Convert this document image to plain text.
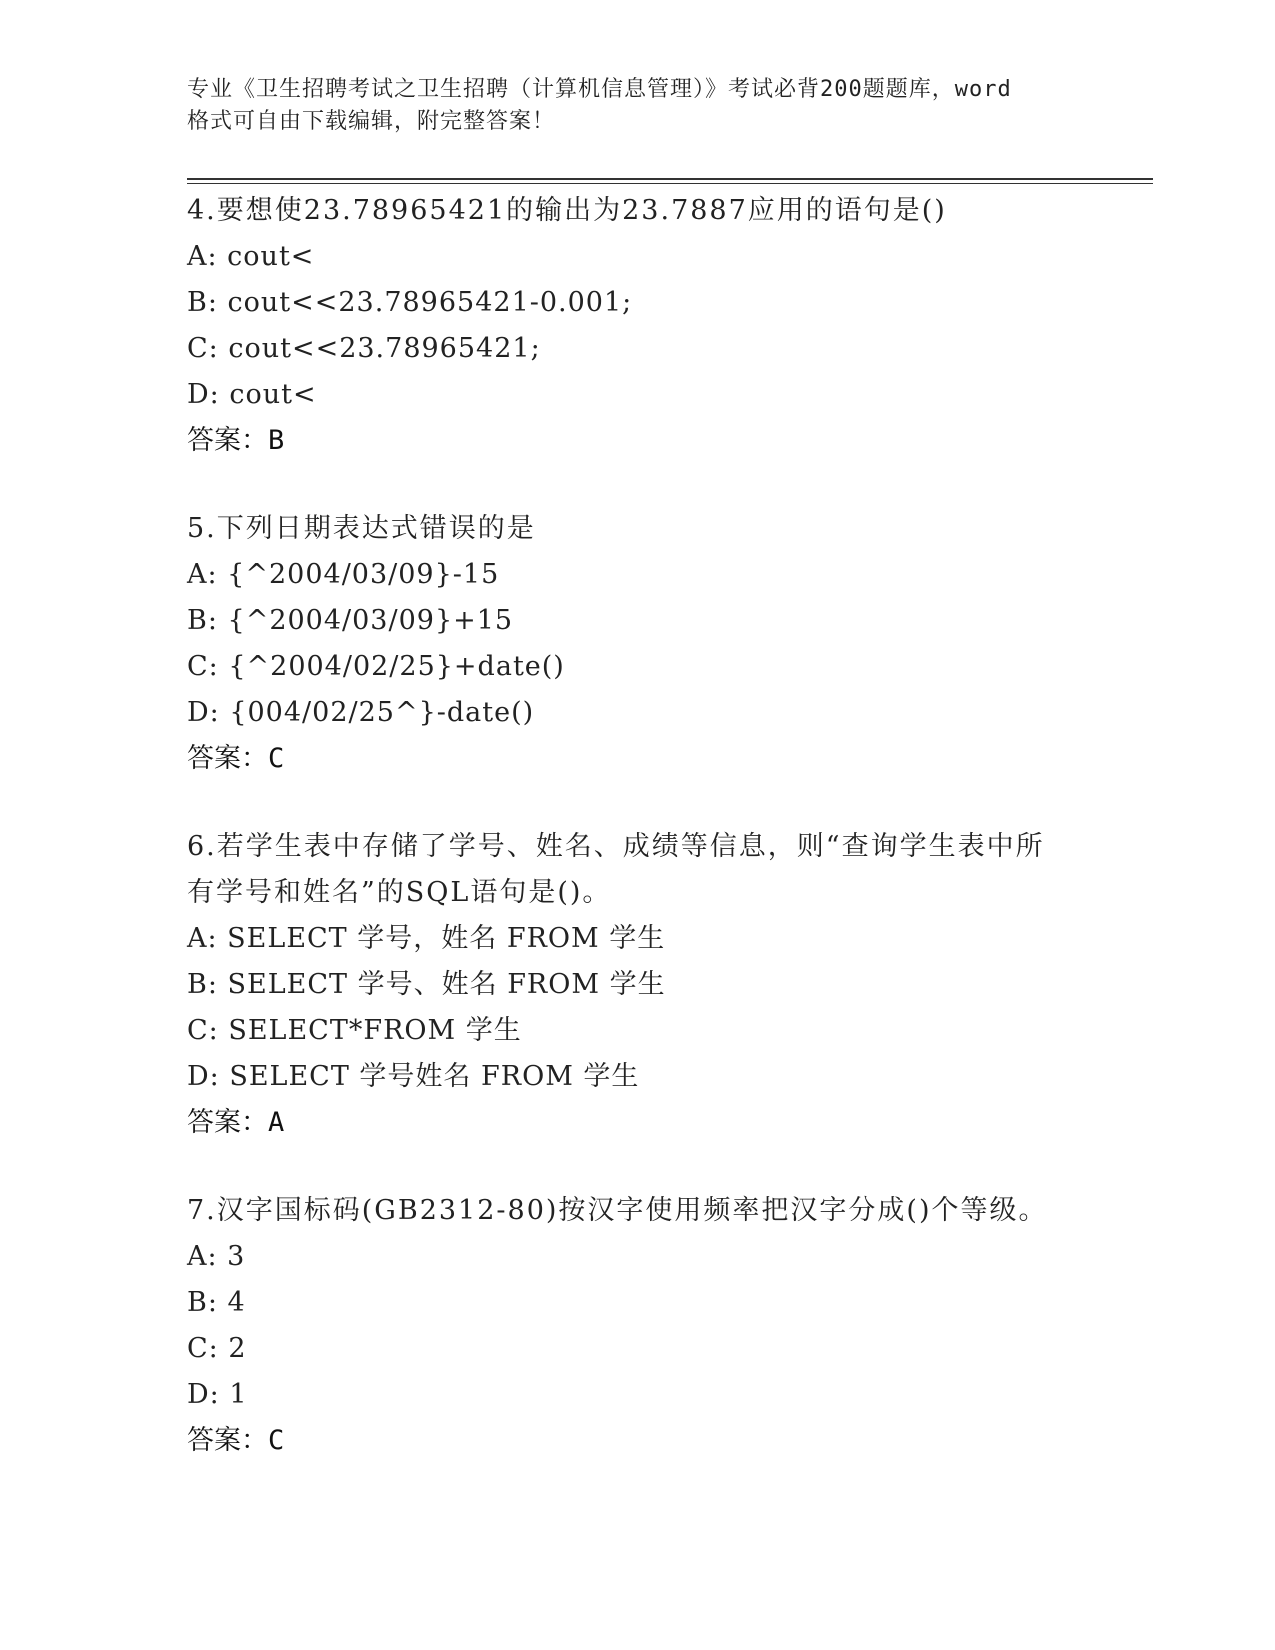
专业《卫生招聘考试之卫生招聘（计算机信息管理）》考试必背200题题库，word
格式可自由下载编辑，附完整答案！

4.要想使23.78965421的输出为23.7887应用的语句是()

A: cout<

B: cout<<23.78965421-0.001;

C: cout<<23.78965421;

D: cout<

答案：B

5.下列日期表达式错误的是

A: {^2004/03/09}-15

B: {^2004/03/09}+15

C: {^2004/02/25}+date()

D: {004/02/25^}-date()

答案：C

6.若学生表中存储了学号、姓名、成绩等信息，则“查询学生表中所有学号和姓名”的SQL语句是()。

A: SELECT 学号，姓名 FROM 学生

B: SELECT 学号、姓名 FROM 学生

C: SELECT*FROM 学生

D: SELECT 学号姓名 FROM 学生

答案：A

7.汉字国标码(GB2312-80)按汉字使用频率把汉字分成()个等级。

A: 3

B: 4

C: 2

D: 1

答案：C
